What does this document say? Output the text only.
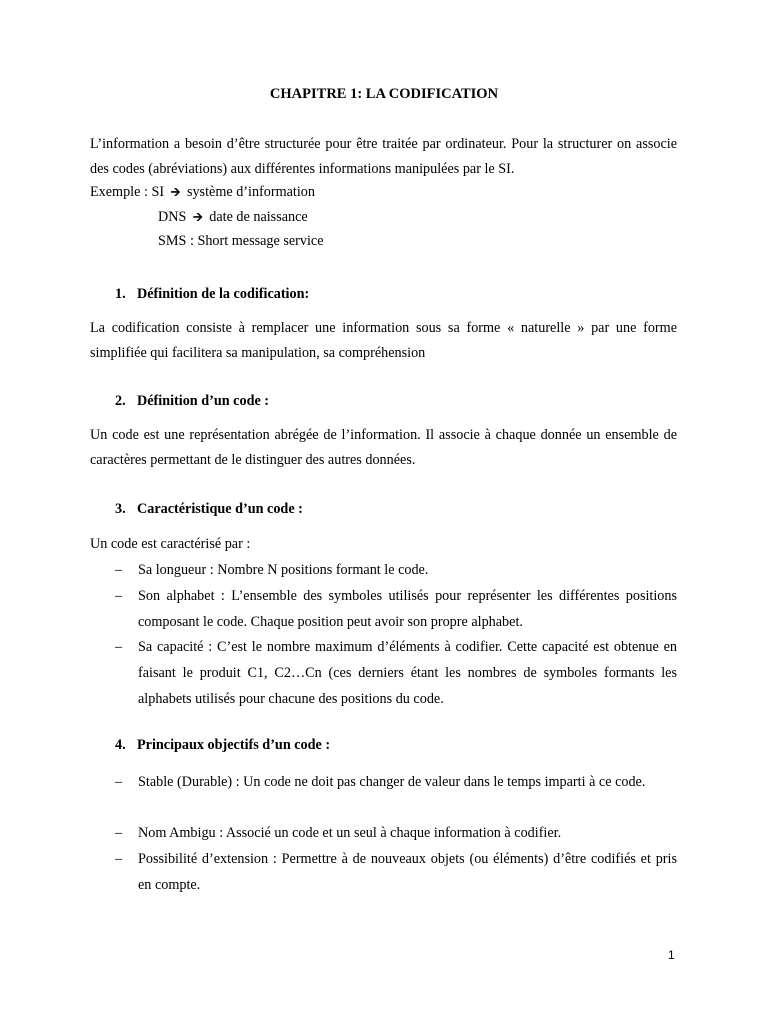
CHAPITRE 1: LA CODIFICATION
L’information a besoin d’être structurée pour être traitée par ordinateur. Pour la structurer on associe des codes (abréviations) aux différentes informations manipulées par le SI.
Exemple : SI 🡪 système d’information
DNS 🡪 date de naissance
SMS : Short message service
1. Définition de la codification:
La codification consiste à remplacer une information sous sa forme « naturelle » par une forme simplifiée qui facilitera sa manipulation, sa compréhension
2. Définition d’un code :
Un code est une représentation abrégée de l’information. Il associe à chaque donnée un ensemble de caractères permettant de le distinguer des autres données.
3. Caractéristique d’un code :
Un code est caractérisé par :
– Sa longueur : Nombre N positions formant le code.
– Son alphabet : L’ensemble des symboles utilisés pour représenter les différentes positions composant le code. Chaque position peut avoir son propre alphabet.
– Sa capacité : C’est le nombre maximum d’éléments à codifier. Cette capacité est obtenue en faisant le produit C1, C2…Cn (ces derniers étant les nombres de symboles formants les alphabets utilisés pour chacune des positions du code.
4. Principaux objectifs d’un code :
– Stable (Durable) : Un code ne doit pas changer de valeur dans le temps imparti à ce code.
– Nom Ambigu : Associé un code et un seul à chaque information à codifier.
– Possibilité d’extension : Permettre à de nouveaux objets (ou éléments) d’être codifiés et pris en compte.
1
